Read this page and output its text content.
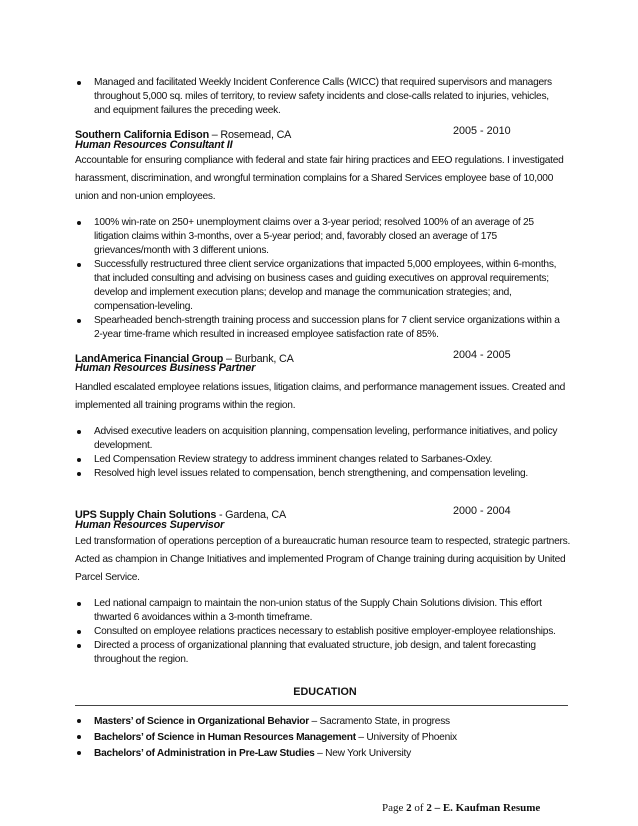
Managed and facilitated Weekly Incident Conference Calls (WICC) that required supervisors and managers throughout 5,000 sq. miles of territory, to review safety incidents and close-calls related to injuries, vehicles, and equipment failures the preceding week.
Southern California Edison – Rosemead, CA	2005 - 2010
Human Resources Consultant II
Accountable for ensuring compliance with federal and state fair hiring practices and EEO regulations. I investigated harassment, discrimination, and wrongful termination complains for a Shared Services employee base of 10,000 union and non-union employees.
100% win-rate on 250+ unemployment claims over a 3-year period; resolved 100% of an average of 25 litigation claims within 3-months, over a 5-year period; and, favorably closed an average of 175 grievances/month with 3 different unions.
Successfully restructured three client service organizations that impacted 5,000 employees, within 6-months, that included consulting and advising on business cases and guiding executives on approval requirements; develop and implement execution plans; develop and manage the communication strategies; and, compensation-leveling.
Spearheaded bench-strength training process and succession plans for 7 client service organizations within a 2-year time-frame which resulted in increased employee satisfaction rate of 85%.
LandAmerica Financial Group – Burbank, CA	2004 - 2005
Human Resources Business Partner
Handled escalated employee relations issues, litigation claims, and performance management issues. Created and implemented all training programs within the region.
Advised executive leaders on acquisition planning, compensation leveling, performance initiatives, and policy development.
Led Compensation Review strategy to address imminent changes related to Sarbanes-Oxley.
Resolved high level issues related to compensation, bench strengthening, and compensation leveling.
UPS Supply Chain Solutions - Gardena, CA	2000 - 2004
Human Resources Supervisor
Led transformation of operations perception of a bureaucratic human resource team to respected, strategic partners. Acted as champion in Change Initiatives and implemented Program of Change training during acquisition by United Parcel Service.
Led national campaign to maintain the non-union status of the Supply Chain Solutions division. This effort thwarted 6 avoidances within a 3-month timeframe.
Consulted on employee relations practices necessary to establish positive employer-employee relationships.
Directed a process of organizational planning that evaluated structure, job design, and talent forecasting throughout the region.
EDUCATION
Masters’ of Science in Organizational Behavior – Sacramento State, in progress
Bachelors’ of Science in Human Resources Management – University of Phoenix
Bachelors’ of Administration in Pre-Law Studies – New York University
Page 2 of 2 – E. Kaufman Resume
